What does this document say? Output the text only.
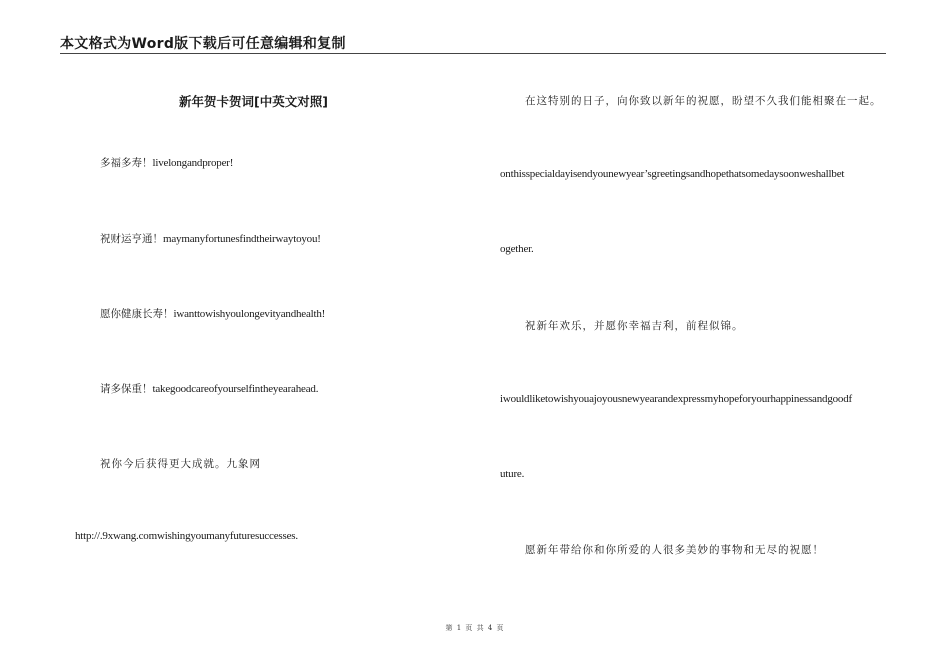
本文格式为Word版下载后可任意编辑和复制
新年贺卡贺词[中英文对照]
多福多寿！livelongandproper!
祝财运亨通！maymanyfortunesfindtheirwaytoyou!
愿你健康长寿！iwanttowishyoulongevityandhealth!
请多保重！takegoodcareofyourselfintheyearahead.
祝你今后获得更大成就。九象网
http://.9xwang.comwishingyoumanyfuturesuccesses.
在这特别的日子，向你致以新年的祝愿，盼望不久我们能相聚在一起。
onthisspecialdayisendyounewyear’sgreetingsandhopethatsomedaysoonweshallbet
ogether.
祝新年欢乐，并愿你幸福吉利，前程似锦。
iwouldliketowishyouajoyousnewyearandexpressmyhopeforyourhappinessandgoodf
uture.
愿新年带给你和你所爱的人很多美妙的事物和无尽的祝愿！
第 1 页 共 4 页
